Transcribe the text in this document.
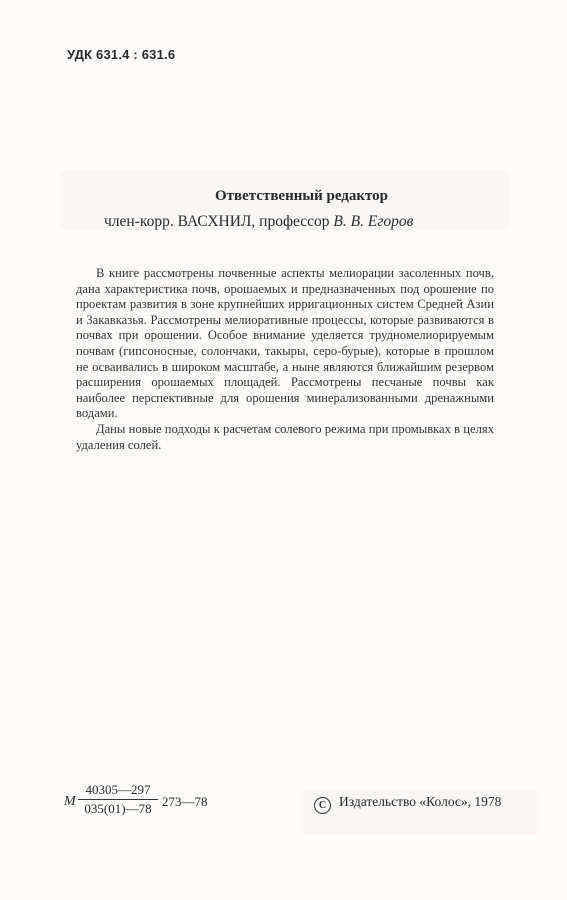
УДК 631.4 : 631.6
Ответственный редактор
член-корр. ВАСХНИЛ, профессор В. В. Егоров

В книге рассмотрены почвенные аспекты мелиорации засоленных почв, дана характеристика почв, орошаемых и предназначенных под орошение по проектам развития в зоне крупнейших ирригационных систем Средней Азии и Закавказья. Рассмотрены мелиоративные процессы, которые развиваются в почвах при орошении. Особое внимание уделяется трудномелиорируемым почвам (гипсоносные, солончаки, такыры, серо-бурые), которые в прошлом не осваивались в широком масштабе, а ныне являются ближайшим резервом расширения орошаемых площадей. Рассмотрены песчаные почвы как наиболее перспективные для орошения минерализованными дренажными водами.

Даны новые подходы к расчетам солевого режима при промывках в целях удаления солей.

М $\frac{40305—297}{035(01)—78}$ 273—78	C Издательство «Колос», 1978
